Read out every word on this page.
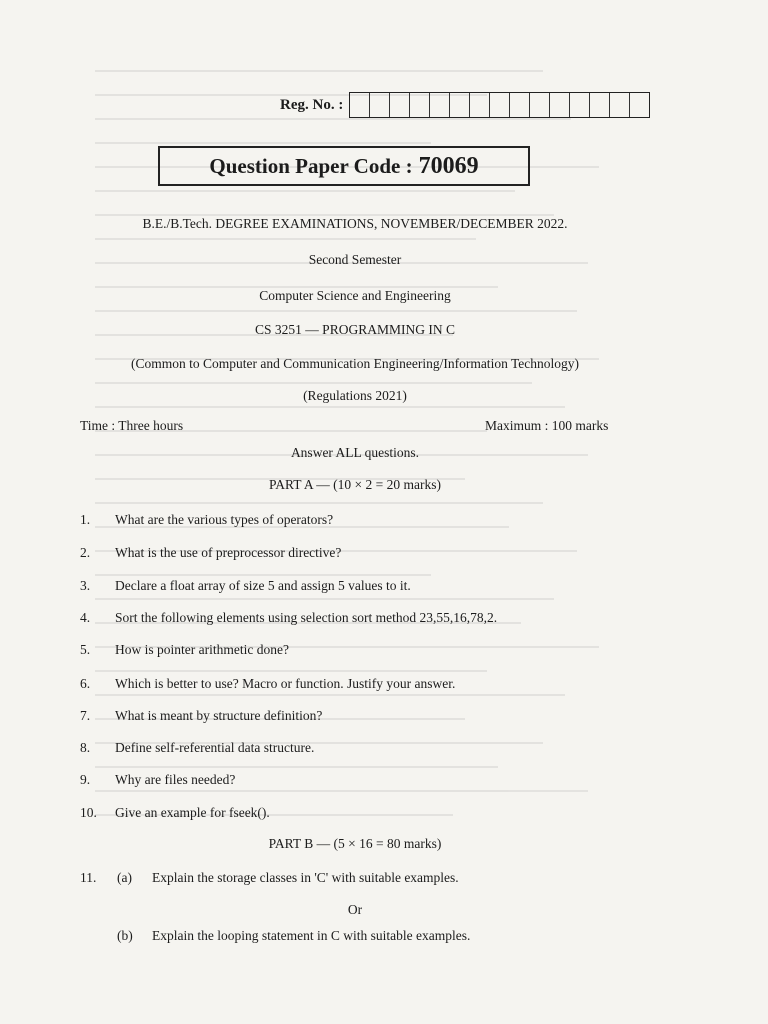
Reg. No. :
Question Paper Code : 70069
B.E./B.Tech. DEGREE EXAMINATIONS, NOVEMBER/DECEMBER 2022.
Second Semester
Computer Science and Engineering
CS 3251 — PROGRAMMING IN C
(Common to Computer and Communication Engineering/Information Technology)
(Regulations 2021)
Time : Three hours	Maximum : 100 marks
Answer ALL questions.
PART A — (10 × 2 = 20 marks)
1. What are the various types of operators?
2. What is the use of preprocessor directive?
3. Declare a float array of size 5 and assign 5 values to it.
4. Sort the following elements using selection sort method 23,55,16,78,2.
5. How is pointer arithmetic done?
6. Which is better to use? Macro or function. Justify your answer.
7. What is meant by structure definition?
8. Define self-referential data structure.
9. Why are files needed?
10. Give an example for fseek().
PART B — (5 × 16 = 80 marks)
11. (a) Explain the storage classes in 'C' with suitable examples.
Or
(b) Explain the looping statement in C with suitable examples.
